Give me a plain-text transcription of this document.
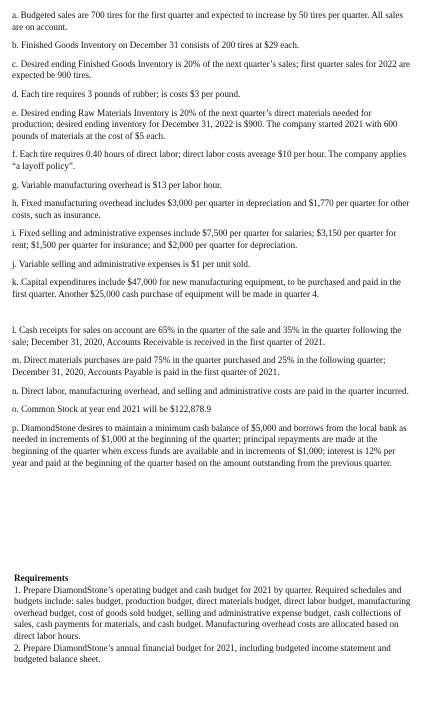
a. Budgeted sales are 700 tires for the first quarter and expected to increase by 50 tires per quarter. All sales are on account.

b. Finished Goods Inventory on December 31 consists of 200 tires at $29 each.

c. Desired ending Finished Goods Inventory is 20% of the next quarter’s sales; first quarter sales for 2022 are expected be 900 tires.

d. Each tire requires 3 pounds of rubber; is costs $3 per pound.

e. Desired ending Raw Materials Inventory is 20% of the next quarter’s direct materials needed for production; desired ending inventory for December 31, 2022 is $900. The company started 2021 with 600 pounds of materials at the cost of $5 each.

f. Each tire requires 0.40 hours of direct labor; direct labor costs average $10 per hour. The company applies “a layoff policy”.

g. Variable manufacturing overhead is $13 per labor hour.

h. Fixed manufacturing overhead includes $3,000 per quarter in depreciation and $1,770 per quarter for other costs, such as insurance.

i. Fixed selling and administrative expenses include $7,500 per quarter for salaries; $3,150 per quarter for rent; $1,500 per quarter for insurance; and $2,000 per quarter for depreciation.

j. Variable selling and administrative expenses is $1 per unit sold.

k. Capital expenditures include $47,000 for new manufacturing equipment, to be purchased and paid in the first quarter. Another $25,000 cash purchase of equipment will be made in quarter 4.

l. Cash receipts for sales on account are 65% in the quarter of the sale and 35% in the quarter following the sale; December 31, 2020, Accounts Receivable is received in the first quarter of 2021.

m. Direct materials purchases are paid 75% in the quarter purchased and 25% in the following quarter; December 31, 2020, Accounts Payable is paid in the first quarter of 2021.

n. Direct labor, manufacturing overhead, and selling and administrative costs are paid in the quarter incurred.

o. Common Stock at year end 2021 will be $122,878.9

p. DiamondStone desires to maintain a minimum cash balance of $5,000 and borrows from the local bank as needed in increments of $1,000 at the beginning of the quarter; principal repayments are made at the beginning of the quarter when excess funds are available and in increments of $1,000; interest is 12% per year and paid at the beginning of the quarter based on the amount outstanding from the previous quarter.

Requirements

1. Prepare DiamondStone’s operating budget and cash budget for 2021 by quarter. Required schedules and budgets include: sales budget, production budget, direct materials budget, direct labor budget, manufacturing overhead budget, cost of goods sold budget, selling and administrative expense budget, cash collections of sales, cash payments for materials, and cash budget. Manufacturing overhead costs are allocated based on direct labor hours.

2. Prepare DiamondStone’s annual financial budget for 2021, including budgeted income statement and budgeted balance sheet.
